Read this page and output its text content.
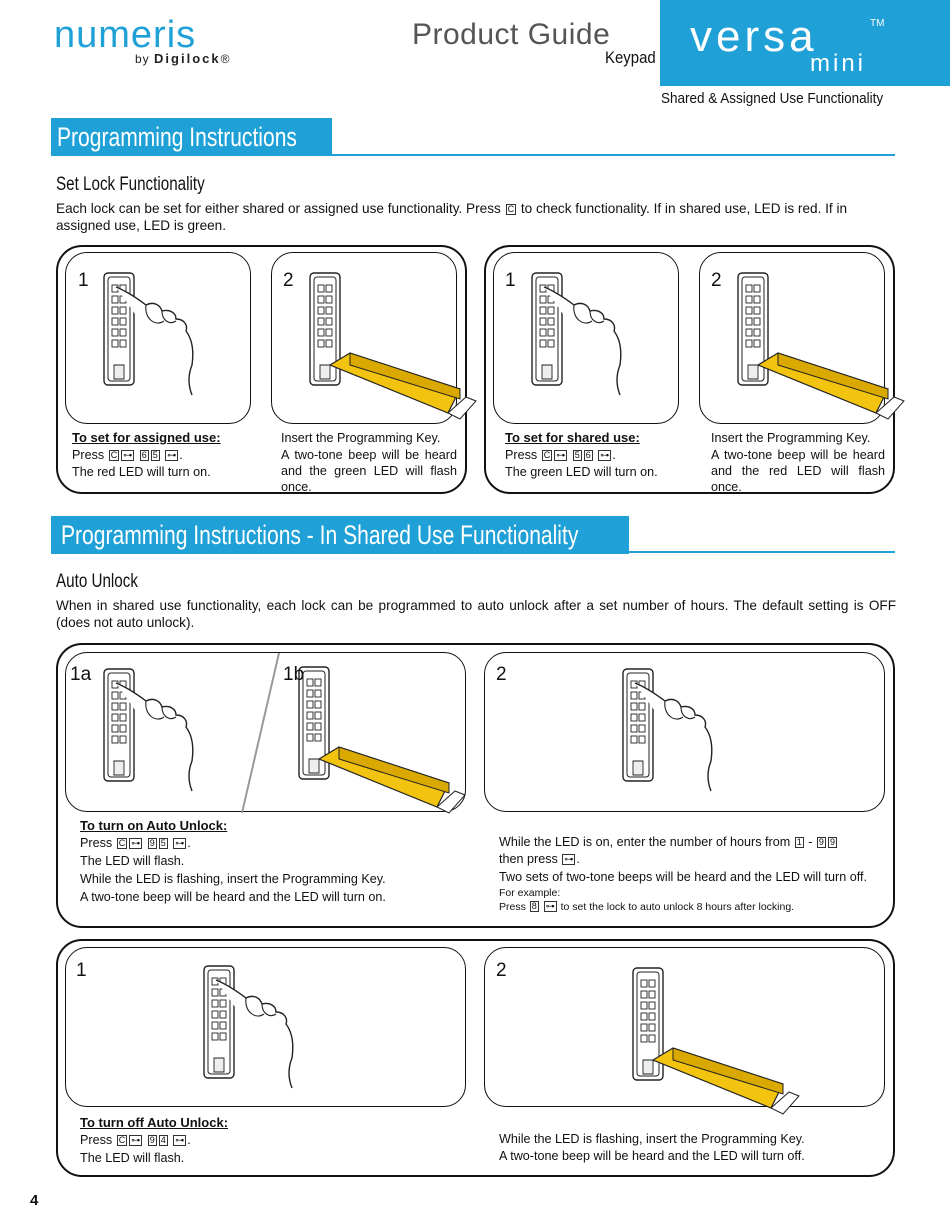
numeris
by Digilock®
Product Guide
Keypad versa	TM
mini
Shared & Assigned Use Functionality
Programming Instructions
Set Lock Functionality
Each lock can be set for either shared or assigned use functionality. Press C to check functionality. If in shared use, LED is red. If in assigned use, LED is green.
1	2

To set for assigned use:

Press C ⊶ 6 5 ⊶ .

The red LED will turn on.

Insert the Programming Key.

A two-tone beep will be heard and the green LED will flash once.

1	2

To set for shared use:

Press C ⊶ 5 6 ⊶ .

The green LED will turn on.

Insert the Programming Key.

A two-tone beep will be heard and the red LED will flash once.

Programming Instructions - In Shared Use Functionality
Auto Unlock
When in shared use functionality, each lock can be programmed to auto unlock after a set number of hours. The default setting is OFF (does not auto unlock).
1a	1b	2

To turn on Auto Unlock:

Press C ⊶ 9 5 ⊶ .

The LED will flash.

While the LED is flashing, insert the Programming Key.

A two-tone beep will be heard and the LED will turn on.

While the LED is on, enter the number of hours from 1 - 9 9

then press ⊶ .

Two sets of two-tone beeps will be heard and the LED will turn off.

For example:

Press 8 ⊶ to set the lock to auto unlock 8 hours after locking.

1	2

To turn off Auto Unlock:

Press C ⊶ 9 4 ⊶ .

The LED will flash.

While the LED is flashing, insert the Programming Key.

A two-tone beep will be heard and the LED will turn off.

4
